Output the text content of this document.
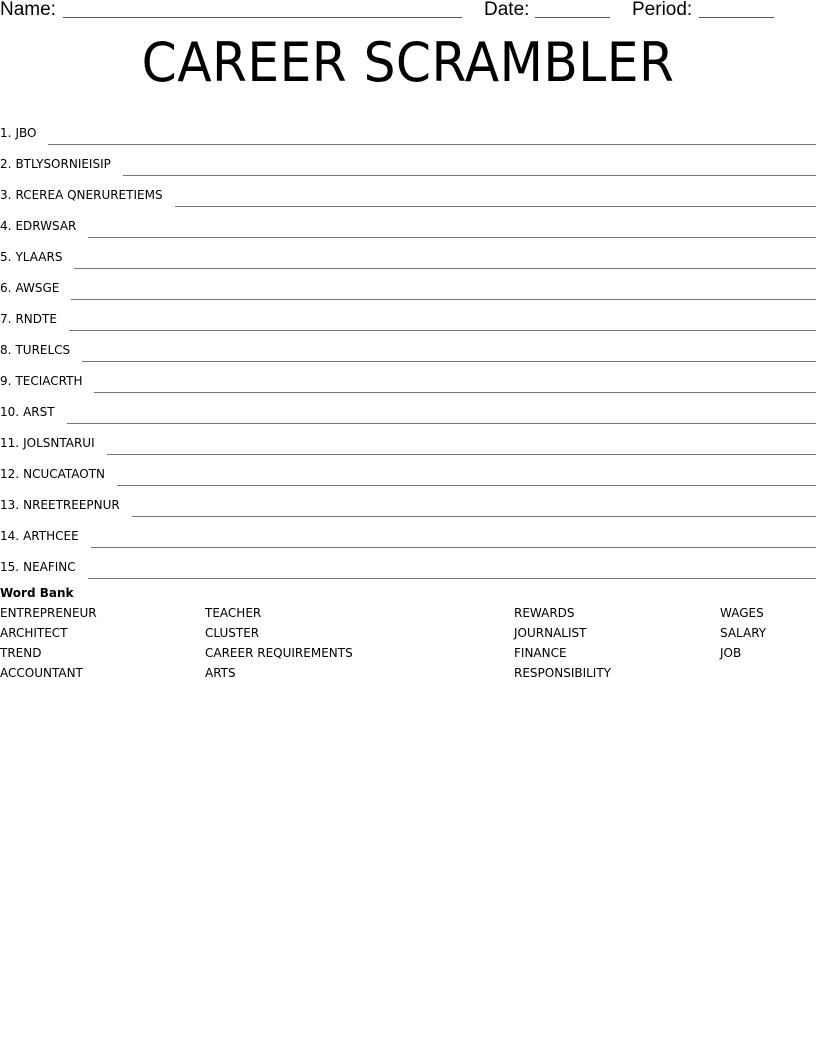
Name:	Date:	Period:
CAREER SCRAMBLER
1. JBO
2. BTLYSORNIEISIP
3. RCEREA QNERURETIEMS
4. EDRWSAR
5. YLAARS
6. AWSGE
7. RNDTE
8. TURELCS
9. TECIACRTH
10. ARST
11. JOLSNTARUI
12. NCUCATAOTN
13. NREETREEPNUR
14. ARTHCEE
15. NEAFINC
Word Bank
ENTREPRENEUR
ARCHITECT
TREND
ACCOUNTANT
TEACHER
CLUSTER
CAREER REQUIREMENTS
ARTS
REWARDS
JOURNALIST
FINANCE
RESPONSIBILITY
WAGES
SALARY
JOB
